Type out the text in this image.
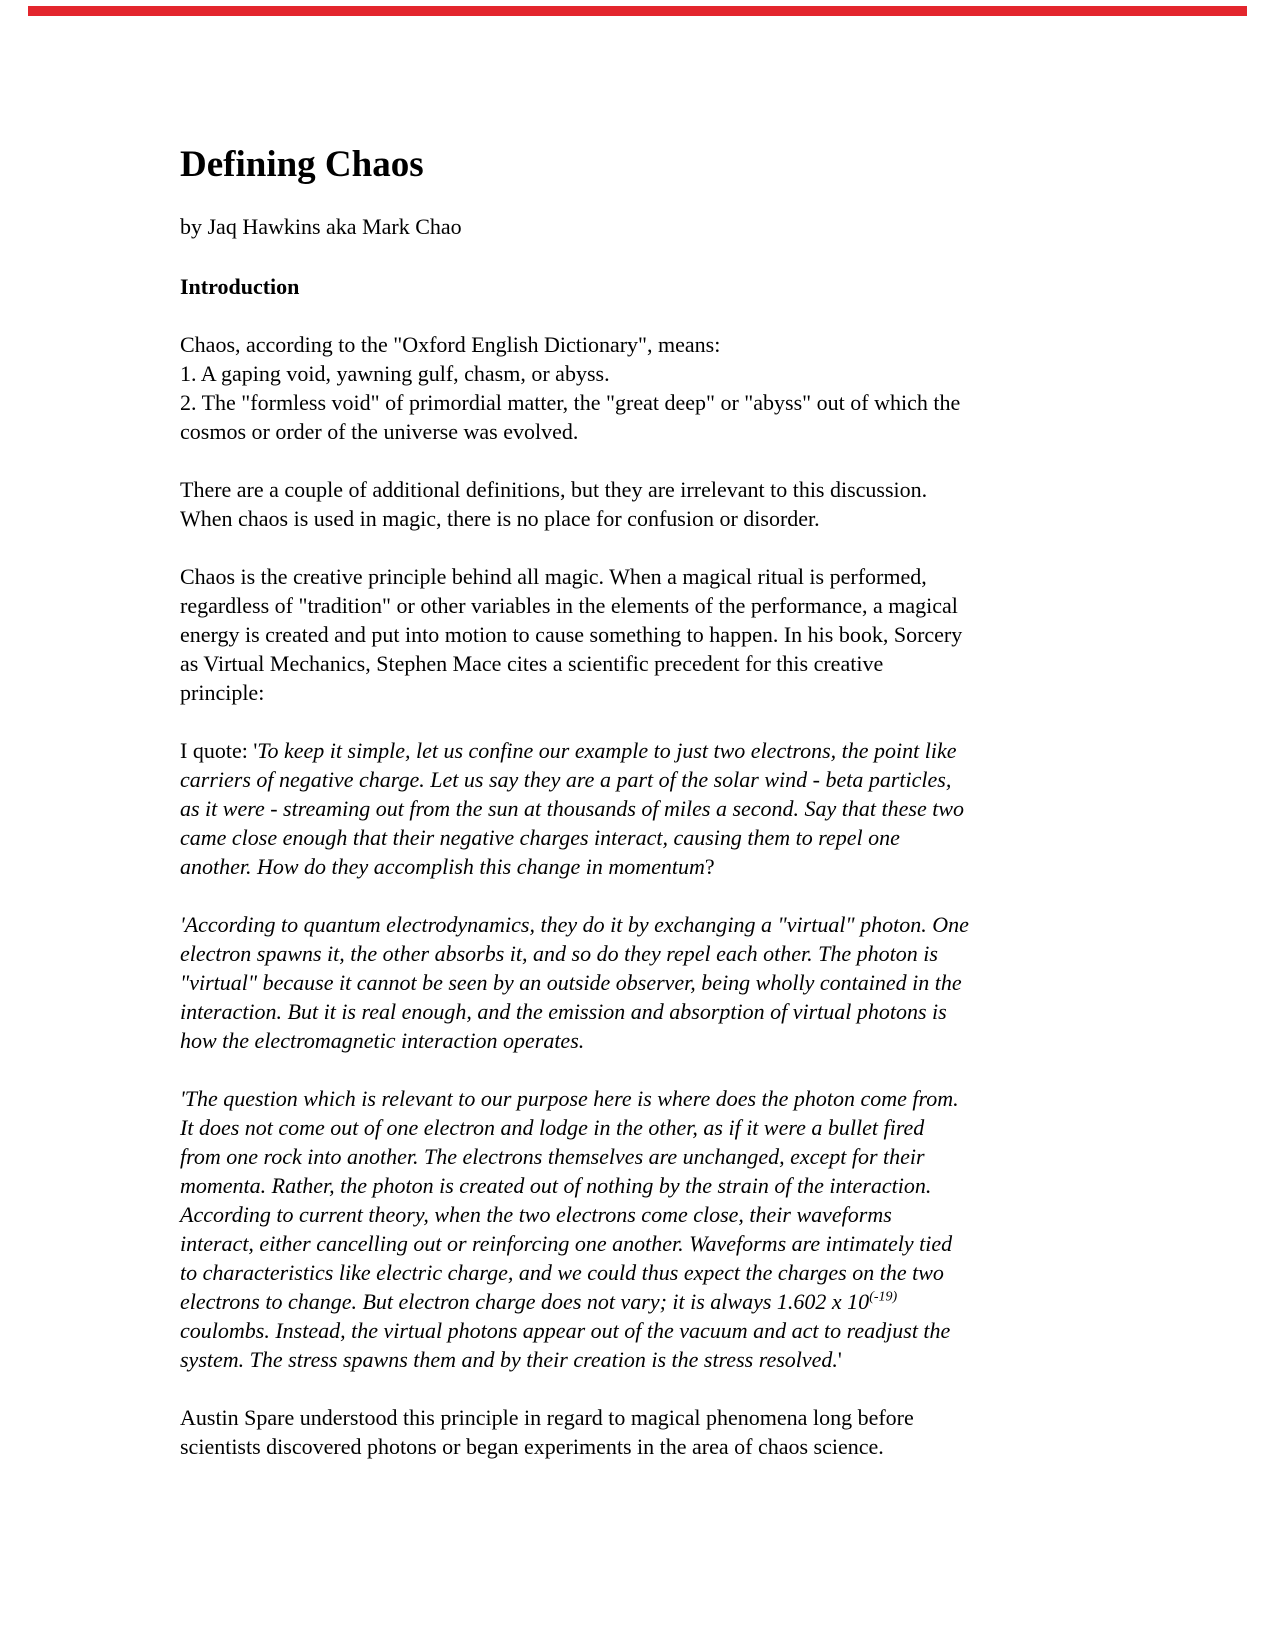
Defining Chaos
by Jaq Hawkins aka Mark Chao
Introduction

Chaos, according to the "Oxford English Dictionary", means:
1. A gaping void, yawning gulf, chasm, or abyss.
2. The "formless void" of primordial matter, the "great deep" or "abyss" out of which the
cosmos or order of the universe was evolved.

There are a couple of additional definitions, but they are irrelevant to this discussion.
When chaos is used in magic, there is no place for confusion or disorder.

Chaos is the creative principle behind all magic. When a magical ritual is performed,
regardless of "tradition" or other variables in the elements of the performance, a magical
energy is created and put into motion to cause something to happen. In his book, Sorcery
as Virtual Mechanics, Stephen Mace cites a scientific precedent for this creative
principle:

I quote: 'To keep it simple, let us confine our example to just two electrons, the point like
carriers of negative charge. Let us say they are a part of the solar wind - beta particles,
as it were - streaming out from the sun at thousands of miles a second. Say that these two
came close enough that their negative charges interact, causing them to repel one
another. How do they accomplish this change in momentum?

'According to quantum electrodynamics, they do it by exchanging a "virtual" photon. One
electron spawns it, the other absorbs it, and so do they repel each other. The photon is
"virtual" because it cannot be seen by an outside observer, being wholly contained in the
interaction. But it is real enough, and the emission and absorption of virtual photons is
how the electromagnetic interaction operates.

'The question which is relevant to our purpose here is where does the photon come from.
It does not come out of one electron and lodge in the other, as if it were a bullet fired
from one rock into another. The electrons themselves are unchanged, except for their
momenta. Rather, the photon is created out of nothing by the strain of the interaction.
According to current theory, when the two electrons come close, their waveforms
interact, either cancelling out or reinforcing one another. Waveforms are intimately tied
to characteristics like electric charge, and we could thus expect the charges on the two
electrons to change. But electron charge does not vary; it is always 1.602 x $10^{(-19)}$
coulombs. Instead, the virtual photons appear out of the vacuum and act to readjust the
system. The stress spawns them and by their creation is the stress resolved.'

Austin Spare understood this principle in regard to magical phenomena long before
scientists discovered photons or began experiments in the area of chaos science.
